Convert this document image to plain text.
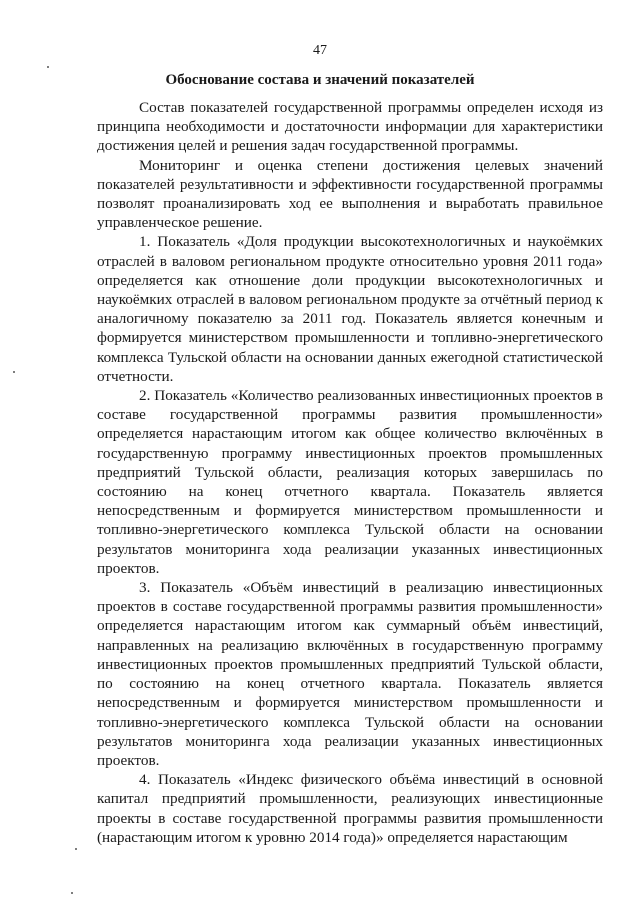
47
Обоснование состава и значений показателей

Состав показателей государственной программы определен исходя из принципа необходимости и достаточности информации для характеристики достижения целей и решения задач государственной программы.

Мониторинг и оценка степени достижения целевых значений показателей результативности и эффективности государственной программы позволят проанализировать ход ее выполнения и выработать правильное управленческое решение.

1. Показатель «Доля продукции высокотехнологичных и наукоёмких отраслей в валовом региональном продукте относительно уровня 2011 года» определяется как отношение доли продукции высокотехнологичных и наукоёмких отраслей в валовом региональном продукте за отчётный период к аналогичному показателю за 2011 год. Показатель является конечным и формируется министерством промышленности и топливно-энергетического комплекса Тульской области на основании данных ежегодной статистической отчетности.

2. Показатель «Количество реализованных инвестиционных проектов в составе государственной программы развития промышленности» определяется нарастающим итогом как общее количество включённых в государственную программу инвестиционных проектов промышленных предприятий Тульской области, реализация которых завершилась по состоянию на конец отчетного квартала. Показатель является непосредственным и формируется министерством промышленности и топливно-энергетического комплекса Тульской области на основании результатов мониторинга хода реализации указанных инвестиционных проектов.

3. Показатель «Объём инвестиций в реализацию инвестиционных проектов в составе государственной программы развития промышленности» определяется нарастающим итогом как суммарный объём инвестиций, направленных на реализацию включённых в государственную программу инвестиционных проектов промышленных предприятий Тульской области, по состоянию на конец отчетного квартала. Показатель является непосредственным и формируется министерством промышленности и топливно-энергетического комплекса Тульской области на основании результатов мониторинга хода реализации указанных инвестиционных проектов.

4. Показатель «Индекс физического объёма инвестиций в основной капитал предприятий промышленности, реализующих инвестиционные проекты в составе государственной программы развития промышленности (нарастающим итогом к уровню 2014 года)» определяется нарастающим
